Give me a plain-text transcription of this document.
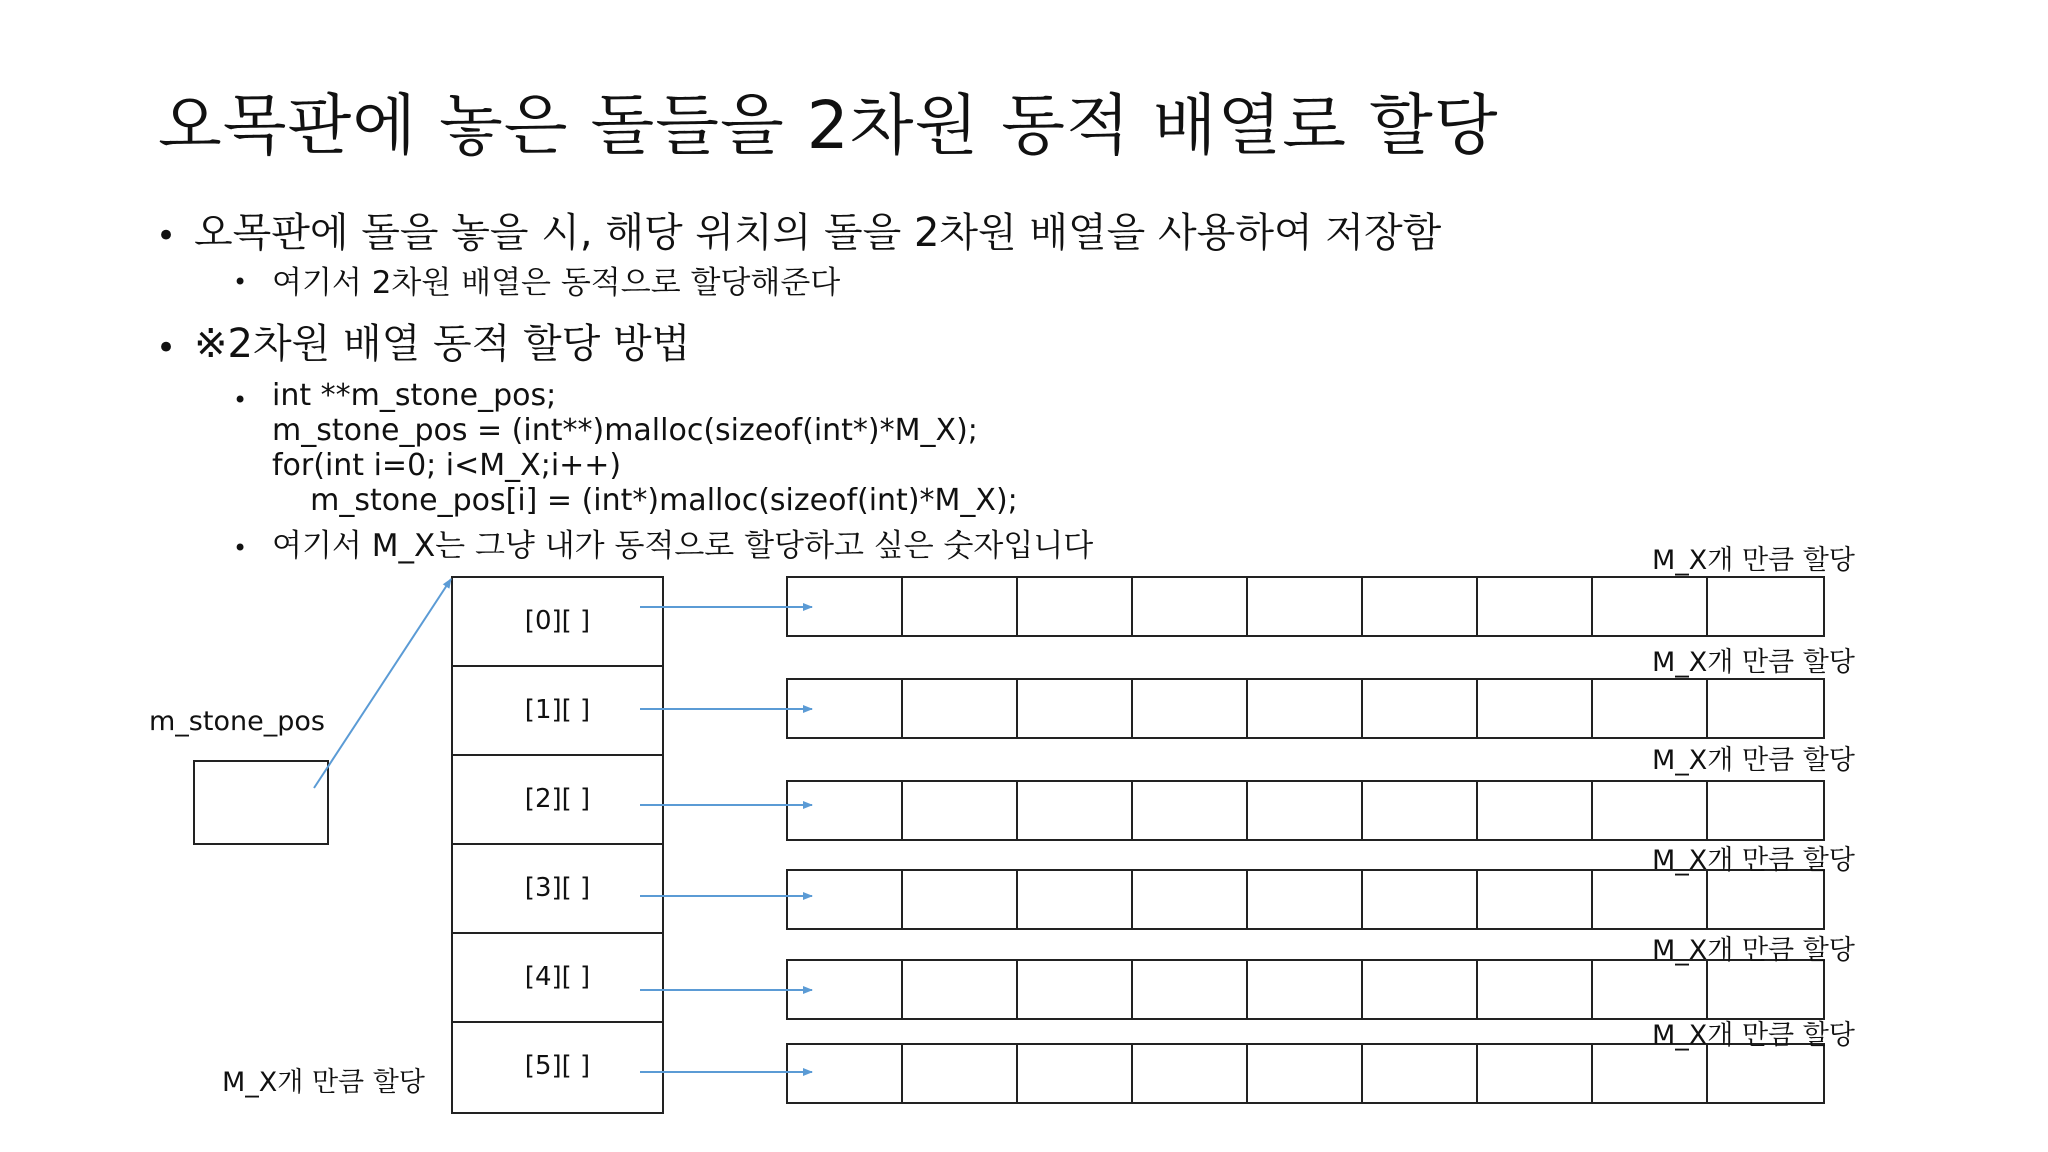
오목판에 놓은 돌들을 2차원 동적 배열로 할당
• 오목판에 돌을 놓을 시, 해당 위치의 돌을 2차원 배열을 사용하여 저장함
• 여기서 2차원 배열은 동적으로 할당해준다
• ※2차원 배열 동적 할당 방법
• int **m_stone_pos;
m_stone_pos = (int**)malloc(sizeof(int*)*M_X);
for(int i=0; i<M_X;i++)
m_stone_pos[i] = (int*)malloc(sizeof(int)*M_X);
• 여기서 M_X는 그냥 내가 동적으로 할당하고 싶은 숫자입니다
m_stone_pos
[0][ ]
[1][ ]
[2][ ]
[3][ ]
[4][ ]
[5][ ]
M_X개 만큼 할당
M_X개 만큼 할당
M_X개 만큼 할당
M_X개 만큼 할당
M_X개 만큼 할당
M_X개 만큼 할당
M_X개 만큼 할당
